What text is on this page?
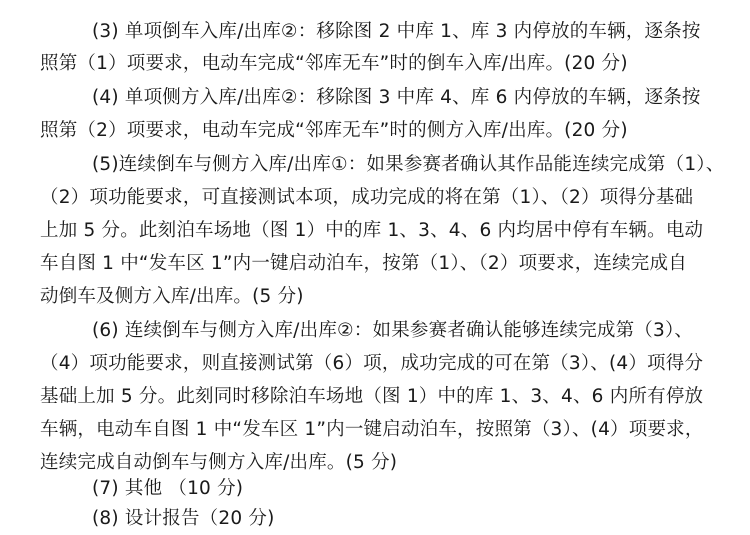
(3) 单项倒车入库/出库②：移除图 2 中库 1、库 3 内停放的车辆，逐条按
照第（1）项要求，电动车完成“邻库无车”时的倒车入库/出库。(20 分)
(4) 单项侧方入库/出库②：移除图 3 中库 4、库 6 内停放的车辆，逐条按
照第（2）项要求，电动车完成“邻库无车”时的侧方入库/出库。(20 分)
(5)连续倒车与侧方入库/出库①：如果参赛者确认其作品能连续完成第（1）、
（2）项功能要求，可直接测试本项，成功完成的将在第（1）、（2）项得分基础
上加 5 分。此刻泊车场地（图 1）中的库 1、3、4、6 内均居中停有车辆。电动
车自图 1 中“发车区 1”内一键启动泊车，按第（1）、（2）项要求，连续完成自
动倒车及侧方入库/出库。(5 分)
(6) 连续倒车与侧方入库/出库②：如果参赛者确认能够连续完成第（3）、
（4）项功能要求，则直接测试第（6）项，成功完成的可在第（3）、(4）项得分
基础上加 5 分。此刻同时移除泊车场地（图 1）中的库 1、3、4、6 内所有停放
车辆，电动车自图 1 中“发车区 1”内一键启动泊车，按照第（3）、(4）项要求，
连续完成自动倒车与侧方入库/出库。(5 分)
(7) 其他 （10 分)
(8) 设计报告（20 分)
